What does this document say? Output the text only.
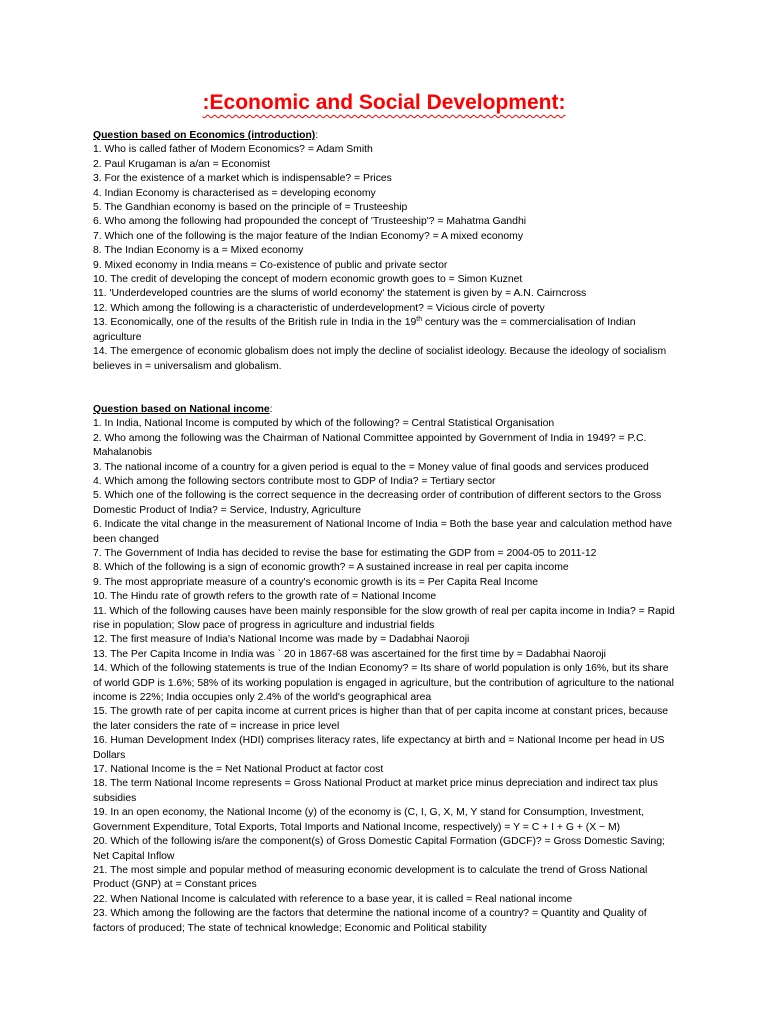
:Economic and Social Development:
Question based on Economics (introduction):
1. Who is called father of Modern Economics? = Adam Smith
2. Paul Krugaman is a/an = Economist
3. For the existence of a market which is indispensable? = Prices
4. Indian Economy is characterised as = developing economy
5. The Gandhian economy is based on the principle of = Trusteeship
6. Who among the following had propounded the concept of 'Trusteeship'? = Mahatma Gandhi
7. Which one of the following is the major feature of the Indian Economy? = A mixed economy
8. The Indian Economy is a = Mixed economy
9. Mixed economy in India means = Co-existence of public and private sector
10. The credit of developing the concept of modern economic growth goes to = Simon Kuznet
11. 'Underdeveloped countries are the slums of world economy' the statement is given by = A.N. Cairncross
12. Which among the following is a characteristic of underdevelopment? = Vicious circle of poverty
13. Economically, one of the results of the British rule in India in the 19th century was the = commercialisation of Indian agriculture
14. The emergence of economic globalism does not imply the decline of socialist ideology. Because the ideology of socialism believes in = universalism and globalism.
Question based on National income:
1. In India, National Income is computed by which of the following? = Central Statistical Organisation
2. Who among the following was the Chairman of National Committee appointed by Government of India in 1949? = P.C. Mahalanobis
3. The national income of a country for a given period is equal to the = Money value of final goods and services produced
4. Which among the following sectors contribute most to GDP of India? = Tertiary sector
5. Which one of the following is the correct sequence in the decreasing order of contribution of different sectors to the Gross Domestic Product of India? = Service, Industry, Agriculture
6. Indicate the vital change in the measurement of National Income of India = Both the base year and calculation method have been changed
7. The Government of India has decided to revise the base for estimating the GDP from = 2004-05 to 2011-12
8. Which of the following is a sign of economic growth? = A sustained increase in real per capita income
9. The most appropriate measure of a country's economic growth is its = Per Capita Real Income
10. The Hindu rate of growth refers to the growth rate of = National Income
11. Which of the following causes have been mainly responsible for the slow growth of real per capita income in India? = Rapid rise in population; Slow pace of progress in agriculture and industrial fields
12. The first measure of India's National Income was made by = Dadabhai Naoroji
13. The Per Capita Income in India was ` 20 in 1867-68 was ascertained for the first time by = Dadabhai Naoroji
14. Which of the following statements is true of the Indian Economy? = Its share of world population is only 16%, but its share of world GDP is 1.6%; 58% of its working population is engaged in agriculture, but the contribution of agriculture to the national income is 22%; India occupies only 2.4% of the world's geographical area
15. The growth rate of per capita income at current prices is higher than that of per capita income at constant prices, because the later considers the rate of = increase in price level
16. Human Development Index (HDI) comprises literacy rates, life expectancy at birth and = National Income per head in US Dollars
17. National Income is the = Net National Product at factor cost
18. The term National Income represents = Gross National Product at market price minus depreciation and indirect tax plus subsidies
19. In an open economy, the National Income (y) of the economy is (C, I, G, X, M, Y stand for Consumption, Investment, Government Expenditure, Total Exports, Total Imports and National Income, respectively) = Y = C + I + G + (X − M)
20. Which of the following is/are the component(s) of Gross Domestic Capital Formation (GDCF)? = Gross Domestic Saving; Net Capital Inflow
21. The most simple and popular method of measuring economic development is to calculate the trend of Gross National Product (GNP) at = Constant prices
22. When National Income is calculated with reference to a base year, it is called = Real national income
23. Which among the following are the factors that determine the national income of a country? = Quantity and Quality of factors of produced; The state of technical knowledge; Economic and Political stability
